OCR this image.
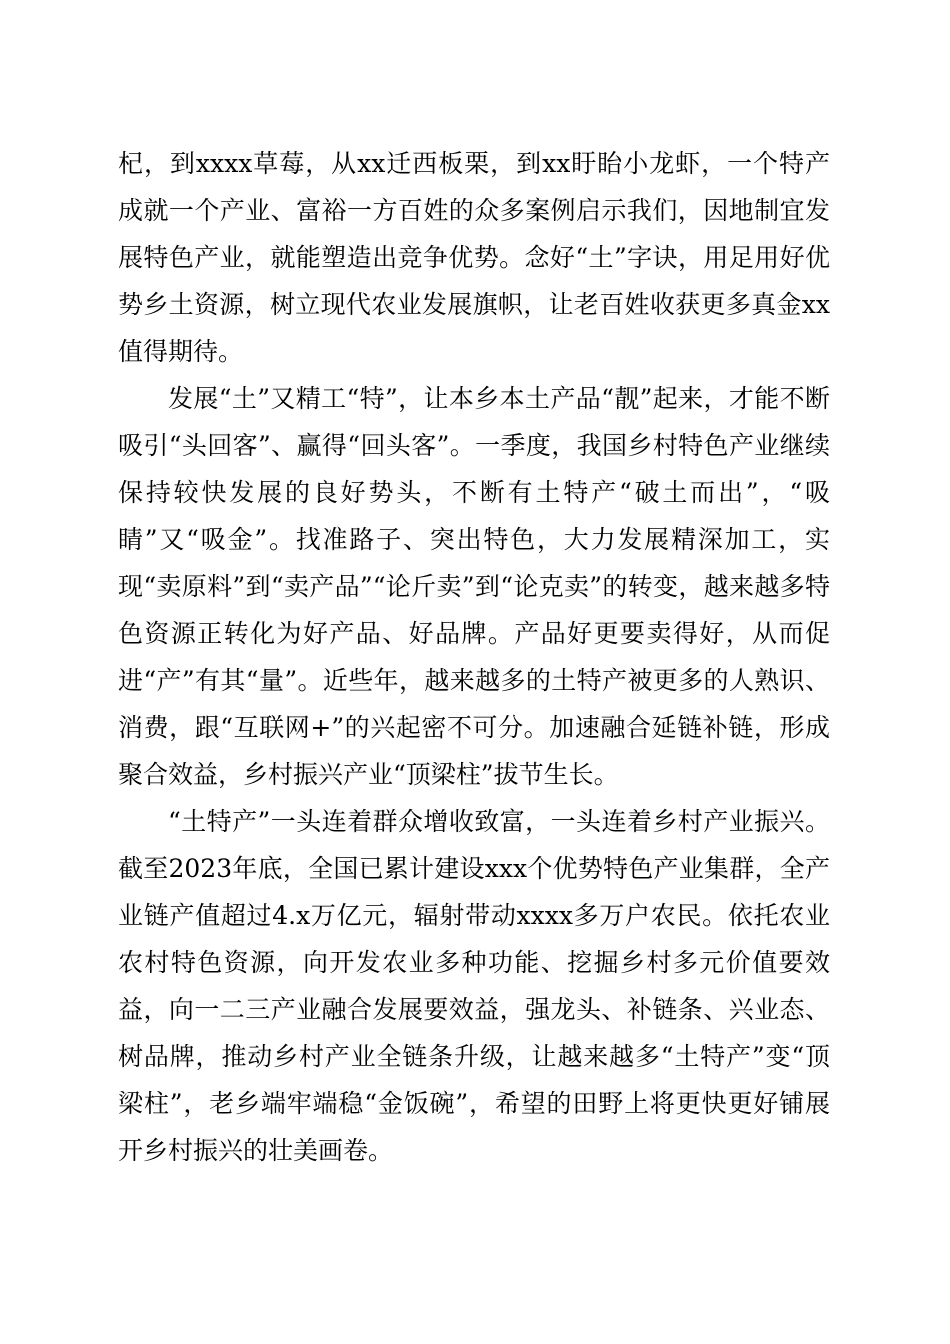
杞，到xxxx草莓，从xx迁西板栗，到xx盱眙小龙虾，一个特产成就一个产业、富裕一方百姓的众多案例启示我们，因地制宜发展特色产业，就能塑造出竞争优势。念好“土”字诀，用足用好优势乡土资源，树立现代农业发展旗帜，让老百姓收获更多真金xx值得期待。

发展“土”又精工“特”，让本乡本土产品“靓”起来，才能不断吸引“头回客”、赢得“回头客”。一季度，我国乡村特色产业继续保持较快发展的良好势头，不断有土特产“破土而出”，“吸睛”又“吸金”。找准路子、突出特色，大力发展精深加工，实现“卖原料”到“卖产品”“论斤卖”到“论克卖”的转变，越来越多特色资源正转化为好产品、好品牌。产品好更要卖得好，从而促进“产”有其“量”。近些年，越来越多的土特产被更多的人熟识、消费，跟“互联网+”的兴起密不可分。加速融合延链补链，形成聚合效益，乡村振兴产业“顶梁柱”拔节生长。

“土特产”一头连着群众增收致富，一头连着乡村产业振兴。截至2023年底，全国已累计建设xxx个优势特色产业集群，全产业链产值超过4.x万亿元，辐射带动xxxx多万户农民。依托农业农村特色资源，向开发农业多种功能、挖掘乡村多元价值要效益，向一二三产业融合发展要效益，强龙头、补链条、兴业态、树品牌，推动乡村产业全链条升级，让越来越多“土特产”变“顶梁柱”，老乡端牢端稳“金饭碗”，希望的田野上将更快更好铺展开乡村振兴的壮美画卷。
